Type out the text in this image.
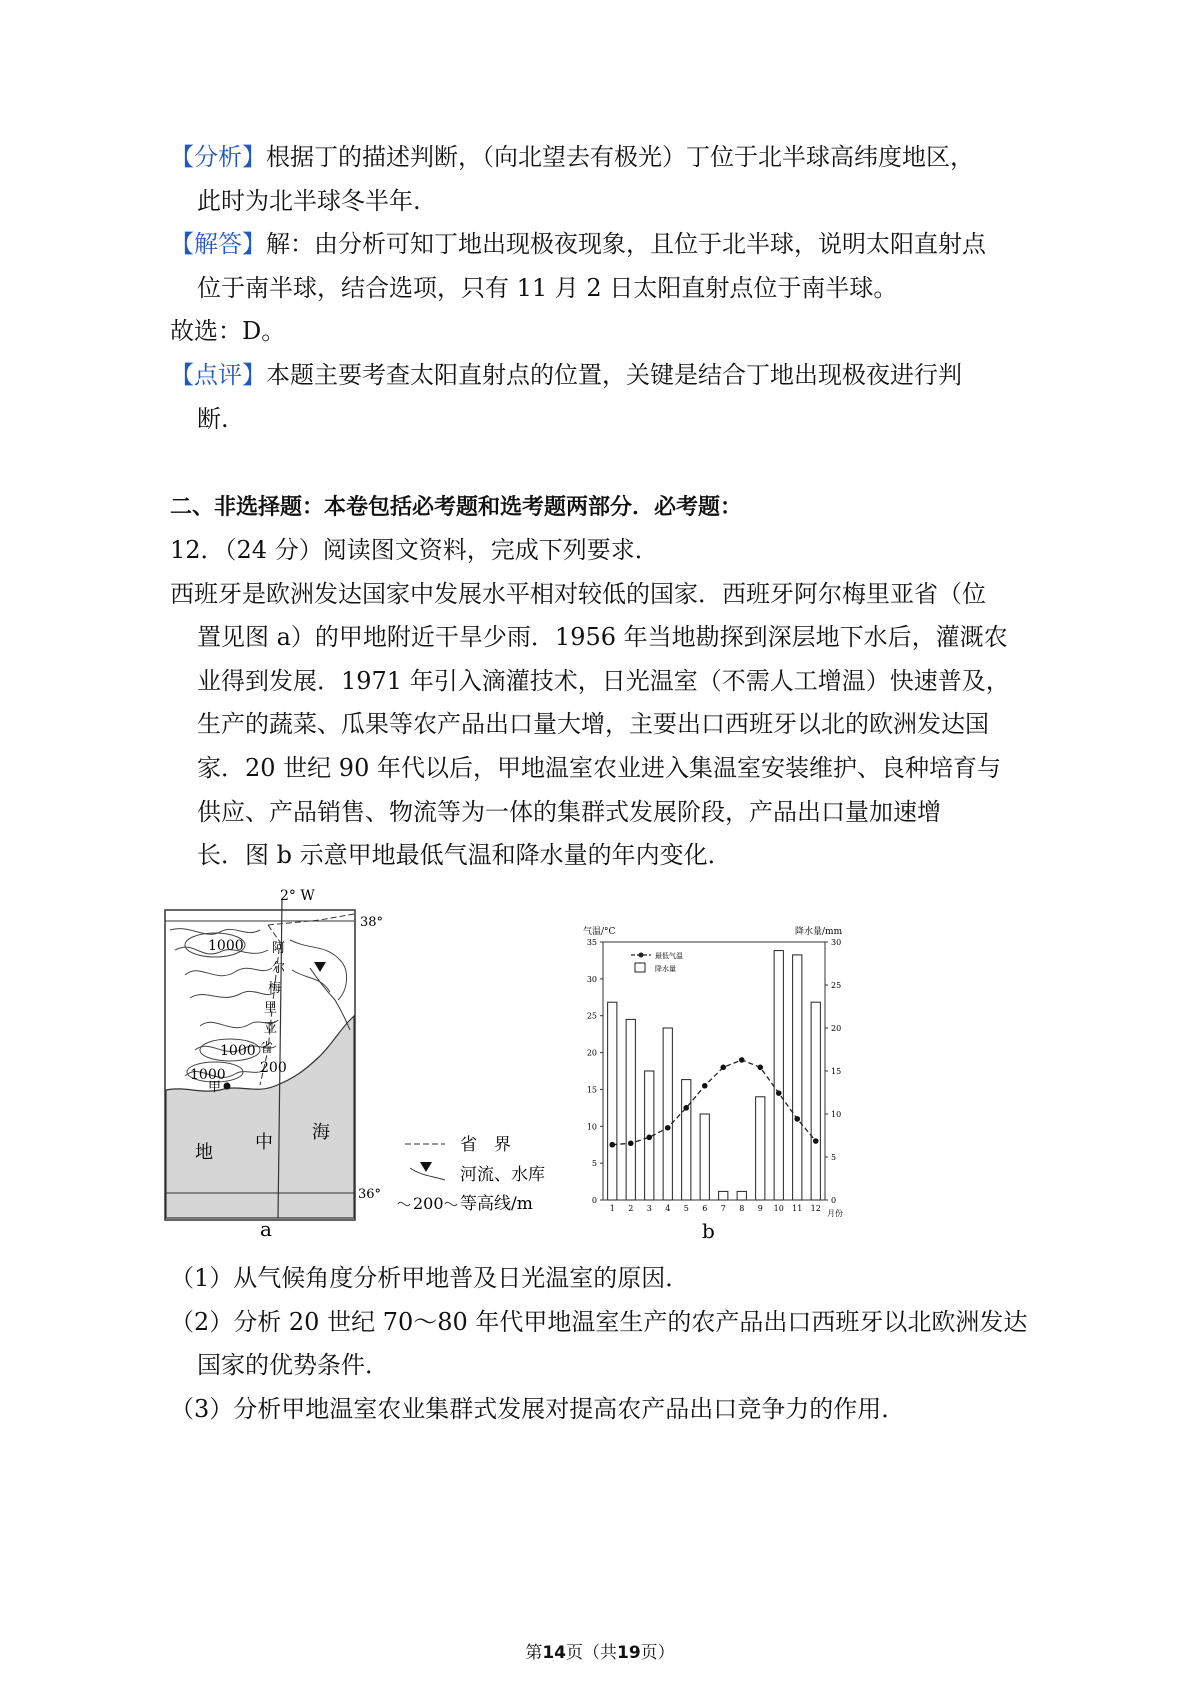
【分析】根据丁的描述判断，（向北望去有极光）丁位于北半球高纬度地区，
此时为北半球冬半年.
【解答】解：由分析可知丁地出现极夜现象，且位于北半球，说明太阳直射点
位于南半球，结合选项，只有 11 月 2 日太阳直射点位于南半球。
故选：D。
【点评】本题主要考查太阳直射点的位置，关键是结合丁地出现极夜进行判
断.
二、非选择题：本卷包括必考题和选考题两部分．必考题：
12．（24 分）阅读图文资料，完成下列要求．
西班牙是欧洲发达国家中发展水平相对较低的国家．西班牙阿尔梅里亚省（位
置见图 a）的甲地附近干旱少雨．1956 年当地勘探到深层地下水后，灌溉农
业得到发展．1971 年引入滴灌技术，日光温室（不需人工增温）快速普及，
生产的蔬菜、瓜果等农产品出口量大增，主要出口西班牙以北的欧洲发达国
家．20 世纪 90 年代以后，甲地温室农业进入集温室安装维护、良种培育与
供应、产品销售、物流等为一体的集群式发展阶段，产品出口量加速增
长．图 b 示意甲地最低气温和降水量的年内变化．
2° W
38°
36°
1000
1000
1000 200
阿
尔
梅
里
亚
省
甲
地 中 海
a
省　界
河流、水库
200 等高线/m
气温/°C	降水量/mm
0
5
10
15
20
25
30
35
0
5
10
15
20
25
30
1 2 3 4 5 6 7 8 9 10 11 12
最低气温
降水量
月份
b
（1）从气候角度分析甲地普及日光温室的原因．
（2）分析 20 世纪 70～80 年代甲地温室生产的农产品出口西班牙以北欧洲发达
国家的优势条件．
（3）分析甲地温室农业集群式发展对提高农产品出口竞争力的作用．
第14页（共19页）
